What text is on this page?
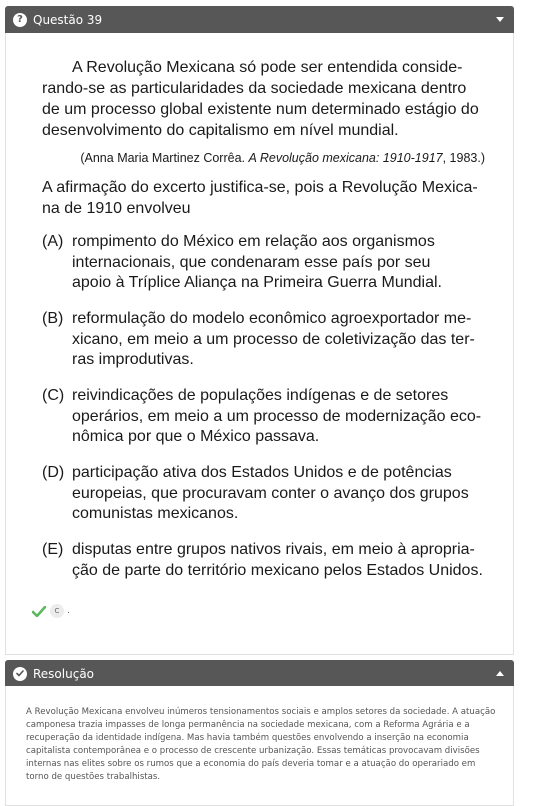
? Questão 39
A Revolução Mexicana só pode ser entendida conside-
rando-se as particularidades da sociedade mexicana dentro
de um processo global existente num determinado estágio do
desenvolvimento do capitalismo em nível mundial.
(Anna Maria Martinez Corrêa. A Revolução mexicana: 1910-1917, 1983.)
A afirmação do excerto justifica-se, pois a Revolução Mexica-
na de 1910 envolveu
(A) rompimento do México em relação aos organismos
internacionais, que condenaram esse país por seu
apoio à Tríplice Aliança na Primeira Guerra Mundial.
(B) reformulação do modelo econômico agroexportador me-
xicano, em meio a um processo de coletivização das ter-
ras improdutivas.
(C) reivindicações de populações indígenas e de setores
operários, em meio a um processo de modernização eco-
nômica por que o México passava.
(D) participação ativa dos Estados Unidos e de potências
europeias, que procuravam conter o avanço dos grupos
comunistas mexicanos.
(E) disputas entre grupos nativos rivais, em meio à apropria-
ção de parte do território mexicano pelos Estados Unidos.
C .
Resolução
A Revolução Mexicana envolveu inúmeros tensionamentos sociais e amplos setores da sociedade. A atuação
camponesa trazia impasses de longa permanência na sociedade mexicana, com a Reforma Agrária e a
recuperação da identidade indígena. Mas havia também questões envolvendo a inserção na economia
capitalista contemporânea e o processo de crescente urbanização. Essas temáticas provocavam divisões
internas nas elites sobre os rumos que a economia do país deveria tomar e a atuação do operariado em
torno de questões trabalhistas.
